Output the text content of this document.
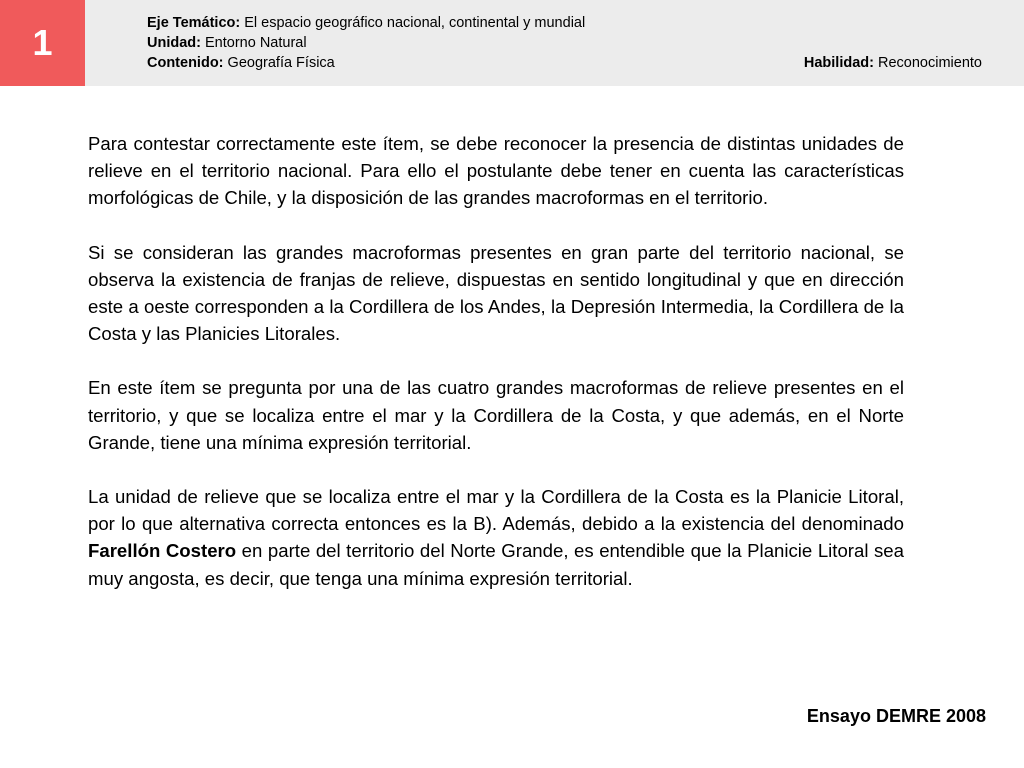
1	Eje Temático: El espacio geográfico nacional, continental y mundial
Unidad: Entorno Natural
Contenido: Geografía Física	Habilidad: Reconocimiento

Para contestar correctamente este ítem, se debe reconocer la presencia de distintas unidades de relieve en el territorio nacional. Para ello el postulante debe tener en cuenta las características morfológicas de Chile, y la disposición de las grandes macroformas en el territorio.

Si se consideran las grandes macroformas presentes en gran parte del territorio nacional, se observa la existencia de franjas de relieve, dispuestas en sentido longitudinal y que en dirección este a oeste corresponden a la Cordillera de los Andes, la Depresión Intermedia, la Cordillera de la Costa y las Planicies Litorales.

En este ítem se pregunta por una de las cuatro grandes macroformas de relieve presentes en el territorio, y que se localiza entre el mar y la Cordillera de la Costa, y que además, en el Norte Grande, tiene una mínima expresión territorial.

La unidad de relieve que se localiza entre el mar y la Cordillera de la Costa es la Planicie Litoral, por lo que alternativa correcta entonces es la B). Además, debido a la existencia del denominado Farellón Costero en parte del territorio del Norte Grande, es entendible que la Planicie Litoral sea muy angosta, es decir, que tenga una mínima expresión territorial.

Ensayo DEMRE 2008
